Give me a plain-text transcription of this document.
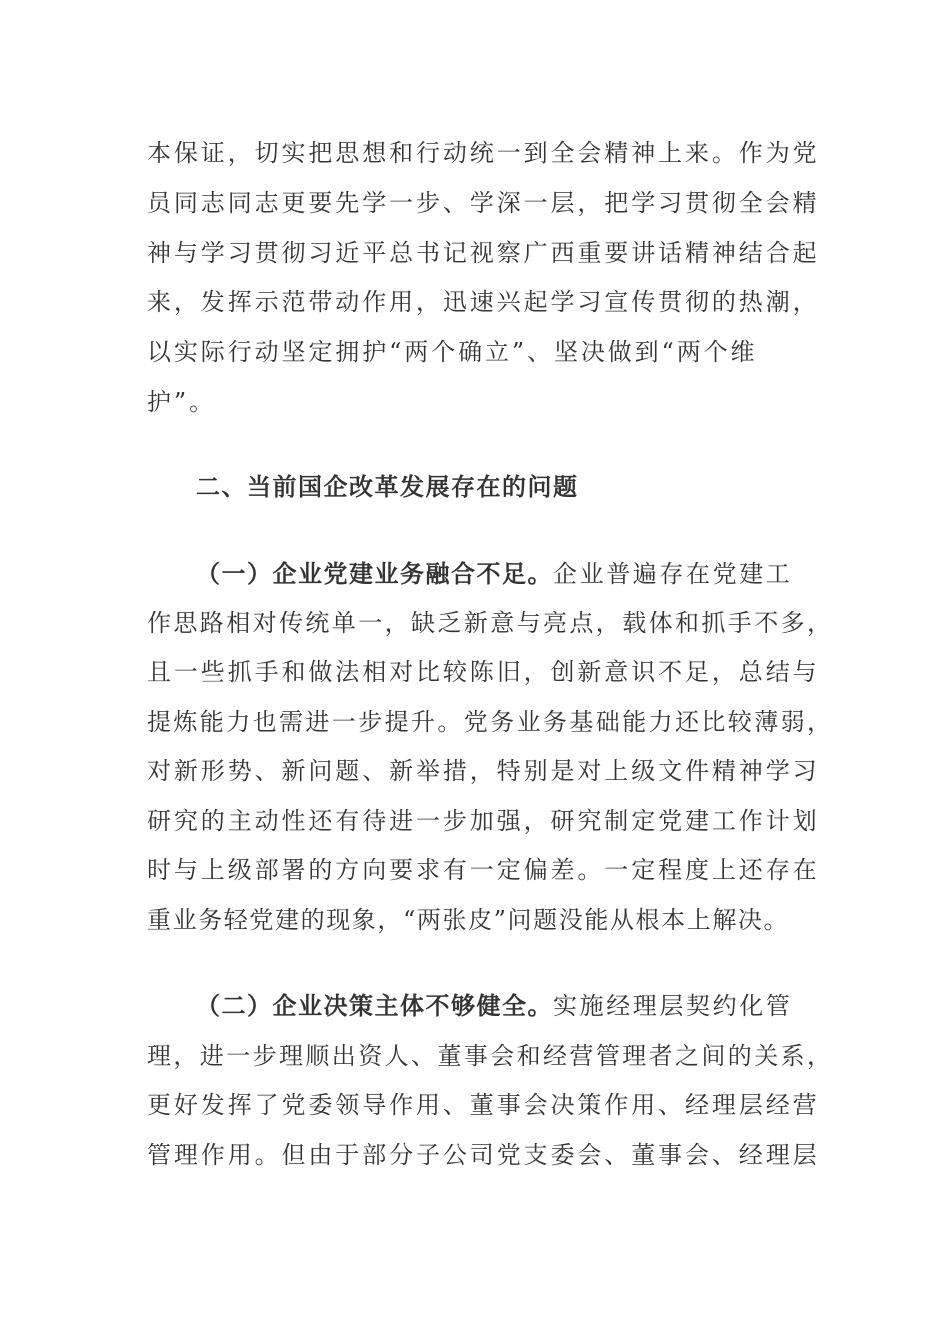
本保证，切实把思想和行动统一到全会精神上来。作为党
员同志同志更要先学一步、学深一层，把学习贯彻全会精
神与学习贯彻习近平总书记视察广西重要讲话精神结合起
来，发挥示范带动作用，迅速兴起学习宣传贯彻的热潮，
以实际行动坚定拥护“两个确立”、坚决做到“两个维
护”。
二、当前国企改革发展存在的问题
（一）企业党建业务融合不足。企业普遍存在党建工
作思路相对传统单一，缺乏新意与亮点，载体和抓手不多，
且一些抓手和做法相对比较陈旧，创新意识不足，总结与
提炼能力也需进一步提升。党务业务基础能力还比较薄弱，
对新形势、新问题、新举措，特别是对上级文件精神学习
研究的主动性还有待进一步加强，研究制定党建工作计划
时与上级部署的方向要求有一定偏差。一定程度上还存在
重业务轻党建的现象，“两张皮”问题没能从根本上解决。
（二）企业决策主体不够健全。实施经理层契约化管
理，进一步理顺出资人、董事会和经营管理者之间的关系，
更好发挥了党委领导作用、董事会决策作用、经理层经营
管理作用。但由于部分子公司党支委会、董事会、经理层
